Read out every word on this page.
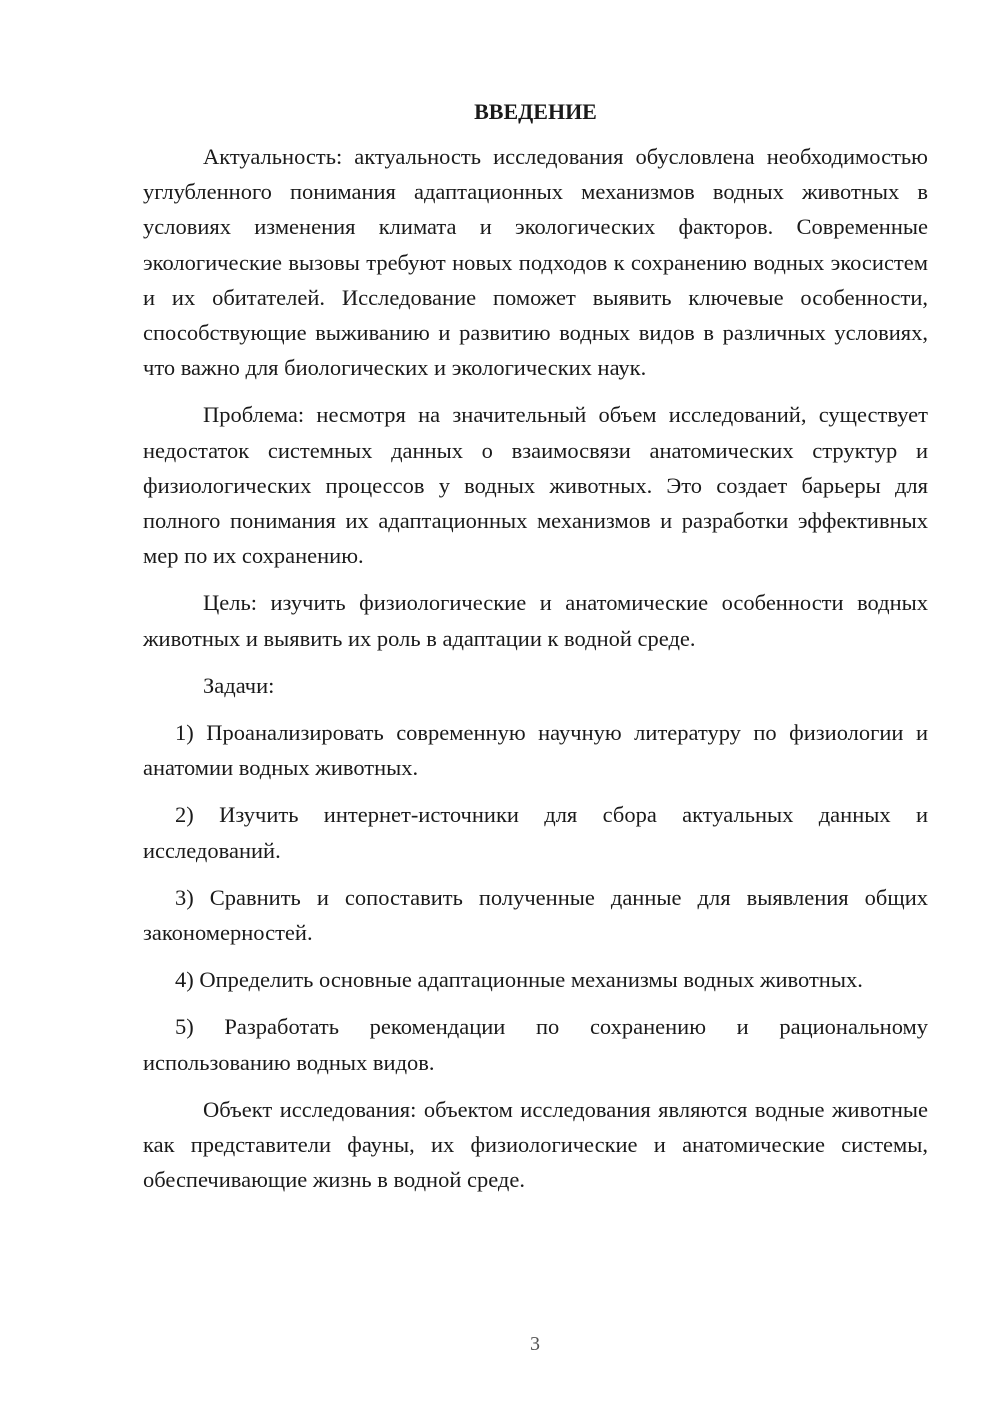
ВВЕДЕНИЕ

Актуальность: актуальность исследования обусловлена необходимостью углубленного понимания адаптационных механизмов водных животных в условиях изменения климата и экологических факторов. Современные экологические вызовы требуют новых подходов к сохранению водных экосистем и их обитателей. Исследование поможет выявить ключевые особенности, способствующие выживанию и развитию водных видов в различных условиях, что важно для биологических и экологических наук.

Проблема: несмотря на значительный объем исследований, существует недостаток системных данных о взаимосвязи анатомических структур и физиологических процессов у водных животных. Это создает барьеры для полного понимания их адаптационных механизмов и разработки эффективных мер по их сохранению.

Цель: изучить физиологические и анатомические особенности водных животных и выявить их роль в адаптации к водной среде.

Задачи:

1) Проанализировать современную научную литературу по физиологии и анатомии водных животных.

2) Изучить интернет-источники для сбора актуальных данных и исследований.

3) Сравнить и сопоставить полученные данные для выявления общих закономерностей.

4) Определить основные адаптационные механизмы водных животных.

5) Разработать рекомендации по сохранению и рациональному использованию водных видов.

Объект исследования: объектом исследования являются водные животные как представители фауны, их физиологические и анатомические системы, обеспечивающие жизнь в водной среде.

3
